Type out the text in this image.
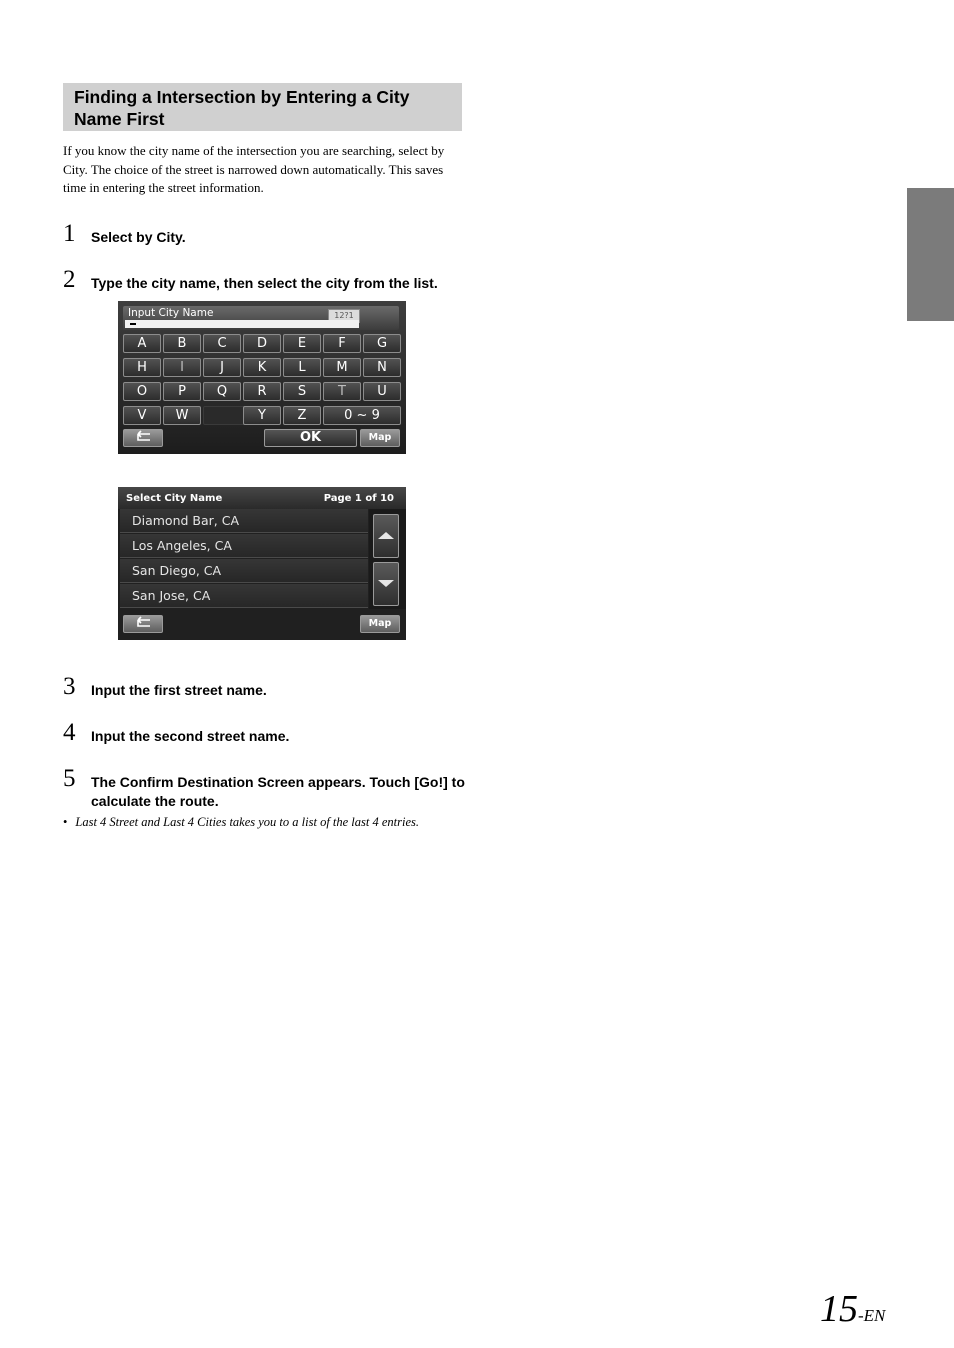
Finding a Intersection by Entering a City Name First
If you know the city name of the intersection you are searching, select by City. The choice of the street is narrowed down automatically. This saves time in entering the street information.
1 Select by City.
2 Type the city name, then select the city from the list.
Input City Name	12?1
A	B	C	D	E	F	G
H	I	J	K	L	M	N
O	P	Q	R	S	T	U
V	W	Y	Z	0 ~ 9
OK	Map
Select City Name	Page 1 of 10
Diamond Bar, CA
Los Angeles, CA
San Diego, CA
San Jose, CA
Map
3 Input the first street name.
4 Input the second street name.
5 The Confirm Destination Screen appears. Touch [Go!] to calculate the route.
• Last 4 Street and Last 4 Cities takes you to a list of the last 4 entries.
15-EN
